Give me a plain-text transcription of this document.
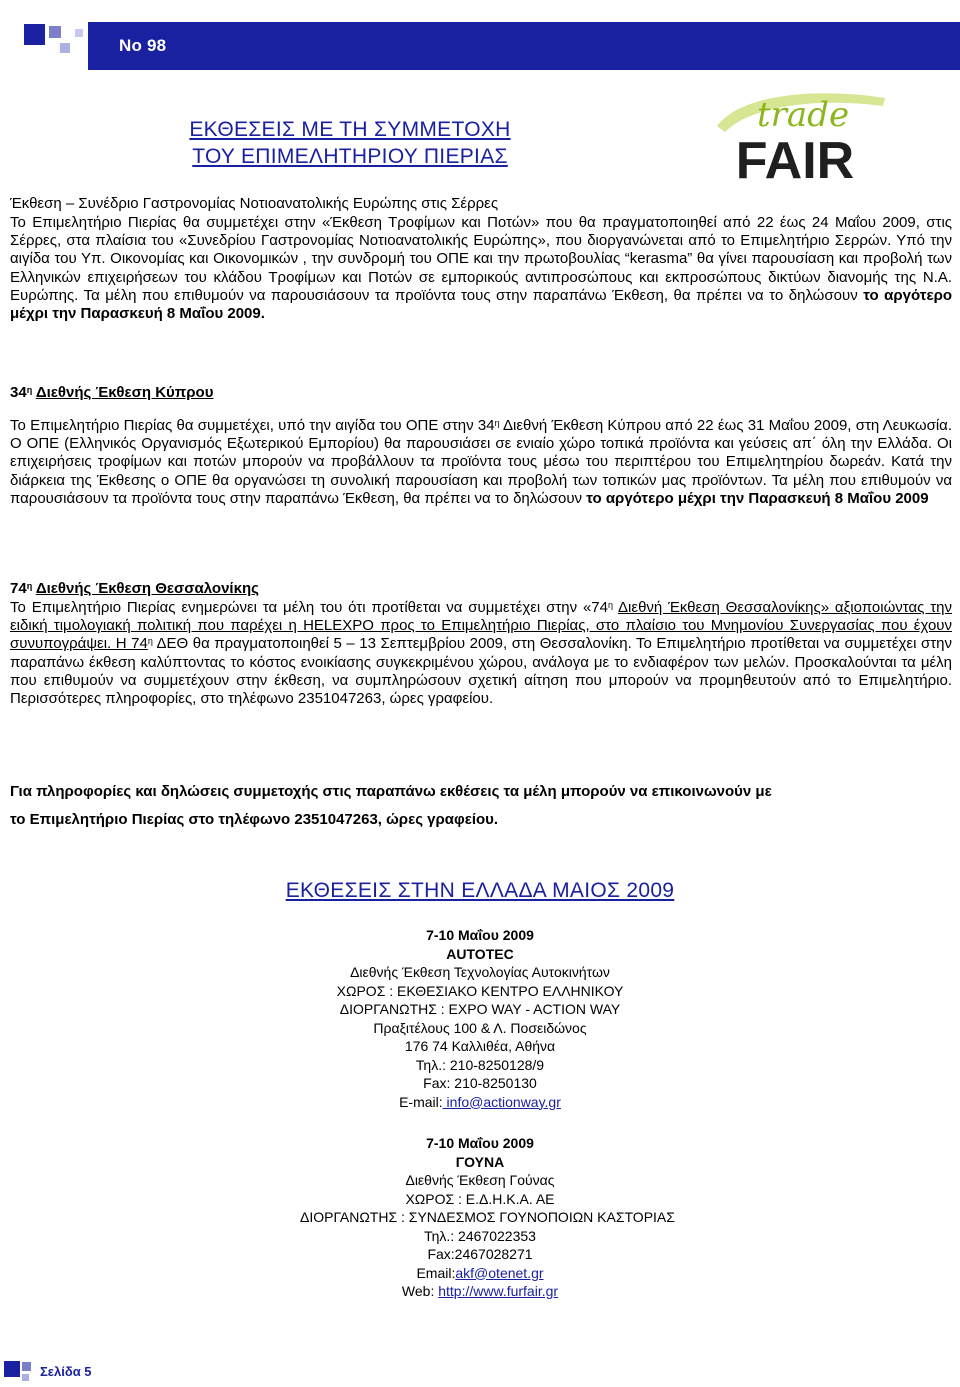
Νο 98
ΕΚΘΕΣΕΙΣ ΜΕ ΤΗ ΣΥΜΜΕΤΟΧΗ
ΤΟΥ ΕΠΙΜΕΛΗΤΗΡΙΟΥ ΠΙΕΡΙΑΣ
trade
FAIR

Έκθεση – Συνέδριο Γαστρονομίας Νοτιοανατολικής Ευρώπης στις Σέρρες

Το Επιμελητήριο Πιερίας θα συμμετέχει στην «Έκθεση Τροφίμων και Ποτών» που θα πραγματοποιηθεί από 22 έως 24 Μαΐου 2009, στις Σέρρες, στα πλαίσια του «Συνεδρίου Γαστρονομίας Νοτιοανατολικής Ευρώπης», που διοργανώνεται από το Επιμελητήριο Σερρών. Υπό την αιγίδα του Υπ. Οικονομίας και Οικονομικών , την συνδρομή του ΟΠΕ και την πρωτοβουλίας “kerasma” θα γίνει παρουσίαση και προβολή των Ελληνικών επιχειρήσεων του κλάδου Τροφίμων και Ποτών σε εμπορικούς αντιπροσώπους και εκπροσώπους δικτύων διανομής της Ν.Α. Ευρώπης. Τα μέλη που επιθυμούν να παρουσιάσουν τα προϊόντα τους στην παραπάνω Έκθεση, θα πρέπει να το δηλώσουν το αργότερο μέχρι την Παρασκευή 8 Μαΐου 2009.

$34^\eta$ Διεθνής Έκθεση Κύπρου

Το Επιμελητήριο Πιερίας θα συμμετέχει, υπό την αιγίδα του ΟΠΕ στην $34^\eta$ Διεθνή Έκθεση Κύπρου από 22 έως 31 Μαΐου 2009, στη Λευκωσία. Ο ΟΠΕ (Ελληνικός Οργανισμός Εξωτερικού Εμπορίου) θα παρουσιάσει σε ενιαίο χώρο τοπικά προϊόντα και γεύσεις απ΄ όλη την Ελλάδα. Οι επιχειρήσεις τροφίμων και ποτών μπορούν να προβάλλουν τα προϊόντα τους μέσω του περιπτέρου του Επιμελητηρίου δωρεάν. Κατά την διάρκεια της Έκθεσης ο ΟΠΕ θα οργανώσει τη συνολική παρουσίαση και προβολή των τοπικών μας προϊόντων. Τα μέλη που επιθυμούν να παρουσιάσουν τα προϊόντα τους στην παραπάνω Έκθεση, θα πρέπει να το δηλώσουν το αργότερο μέχρι την Παρασκευή 8 Μαΐου 2009

$74^\eta$ Διεθνής Έκθεση Θεσσαλονίκης

Το Επιμελητήριο Πιερίας ενημερώνει τα μέλη του ότι προτίθεται να συμμετέχει στην «$74^\eta$ Διεθνή Έκθεση Θεσσαλονίκης» αξιοποιώντας την ειδική τιμολογιακή πολιτική που παρέχει η HELEXPO προς το Επιμελητήριο Πιερίας, στο πλαίσιο του Μνημονίου Συνεργασίας που έχουν συνυπογράψει. Η $74^\eta$ ΔΕΘ θα πραγματοποιηθεί 5 – 13 Σεπτεμβρίου 2009, στη Θεσσαλονίκη. Το Επιμελητήριο προτίθεται να συμμετέχει στην παραπάνω έκθεση καλύπτοντας το κόστος ενοικίασης συγκεκριμένου χώρου, ανάλογα με το ενδιαφέρον των μελών. Προσκαλούνται τα μέλη που επιθυμούν να συμμετέχουν στην έκθεση, να συμπληρώσουν σχετική αίτηση που μπορούν να προμηθευτούν από το Επιμελητήριο. Περισσότερες πληροφορίες, στο τηλέφωνο 2351047263, ώρες γραφείου.

Για πληροφορίες και δηλώσεις συμμετοχής στις παραπάνω εκθέσεις τα μέλη μπορούν να επικοινωνούν με
το Επιμελητήριο Πιερίας στο τηλέφωνο 2351047263, ώρες γραφείου.
ΕΚΘΕΣΕΙΣ ΣΤΗΝ ΕΛΛΑΔΑ ΜΑΙΟΣ 2009
7-10 Μαΐου 2009
AUTOTEC
Διεθνής Έκθεση Τεχνολογίας Αυτοκινήτων
ΧΩΡΟΣ : ΕΚΘΕΣΙΑΚΟ ΚΕΝΤΡΟ ΕΛΛΗΝΙΚΟΥ
ΔΙΟΡΓΑΝΩΤΗΣ : EXPO WAY - ACTION WAY
Πραξιτέλους 100 & Λ. Ποσειδώνος
176 74 Καλλιθέα, Αθήνα
Τηλ.: 210-8250128/9
Fax: 210-8250130
E-mail: info@actionway.gr
7-10 Μαΐου 2009
ΓΟΥΝΑ
Διεθνής Έκθεση Γούνας
ΧΩΡΟΣ : Ε.Δ.Η.Κ.Α. ΑΕ
ΔΙΟΡΓΑΝΩΤΗΣ : ΣΥΝΔΕΣΜΟΣ ΓΟΥΝΟΠΟΙΩΝ ΚΑΣΤΟΡΙΑΣ
Τηλ.: 2467022353
Fax:2467028271
Email:akf@otenet.gr
Web: http://www.furfair.gr
Σελίδα 5
